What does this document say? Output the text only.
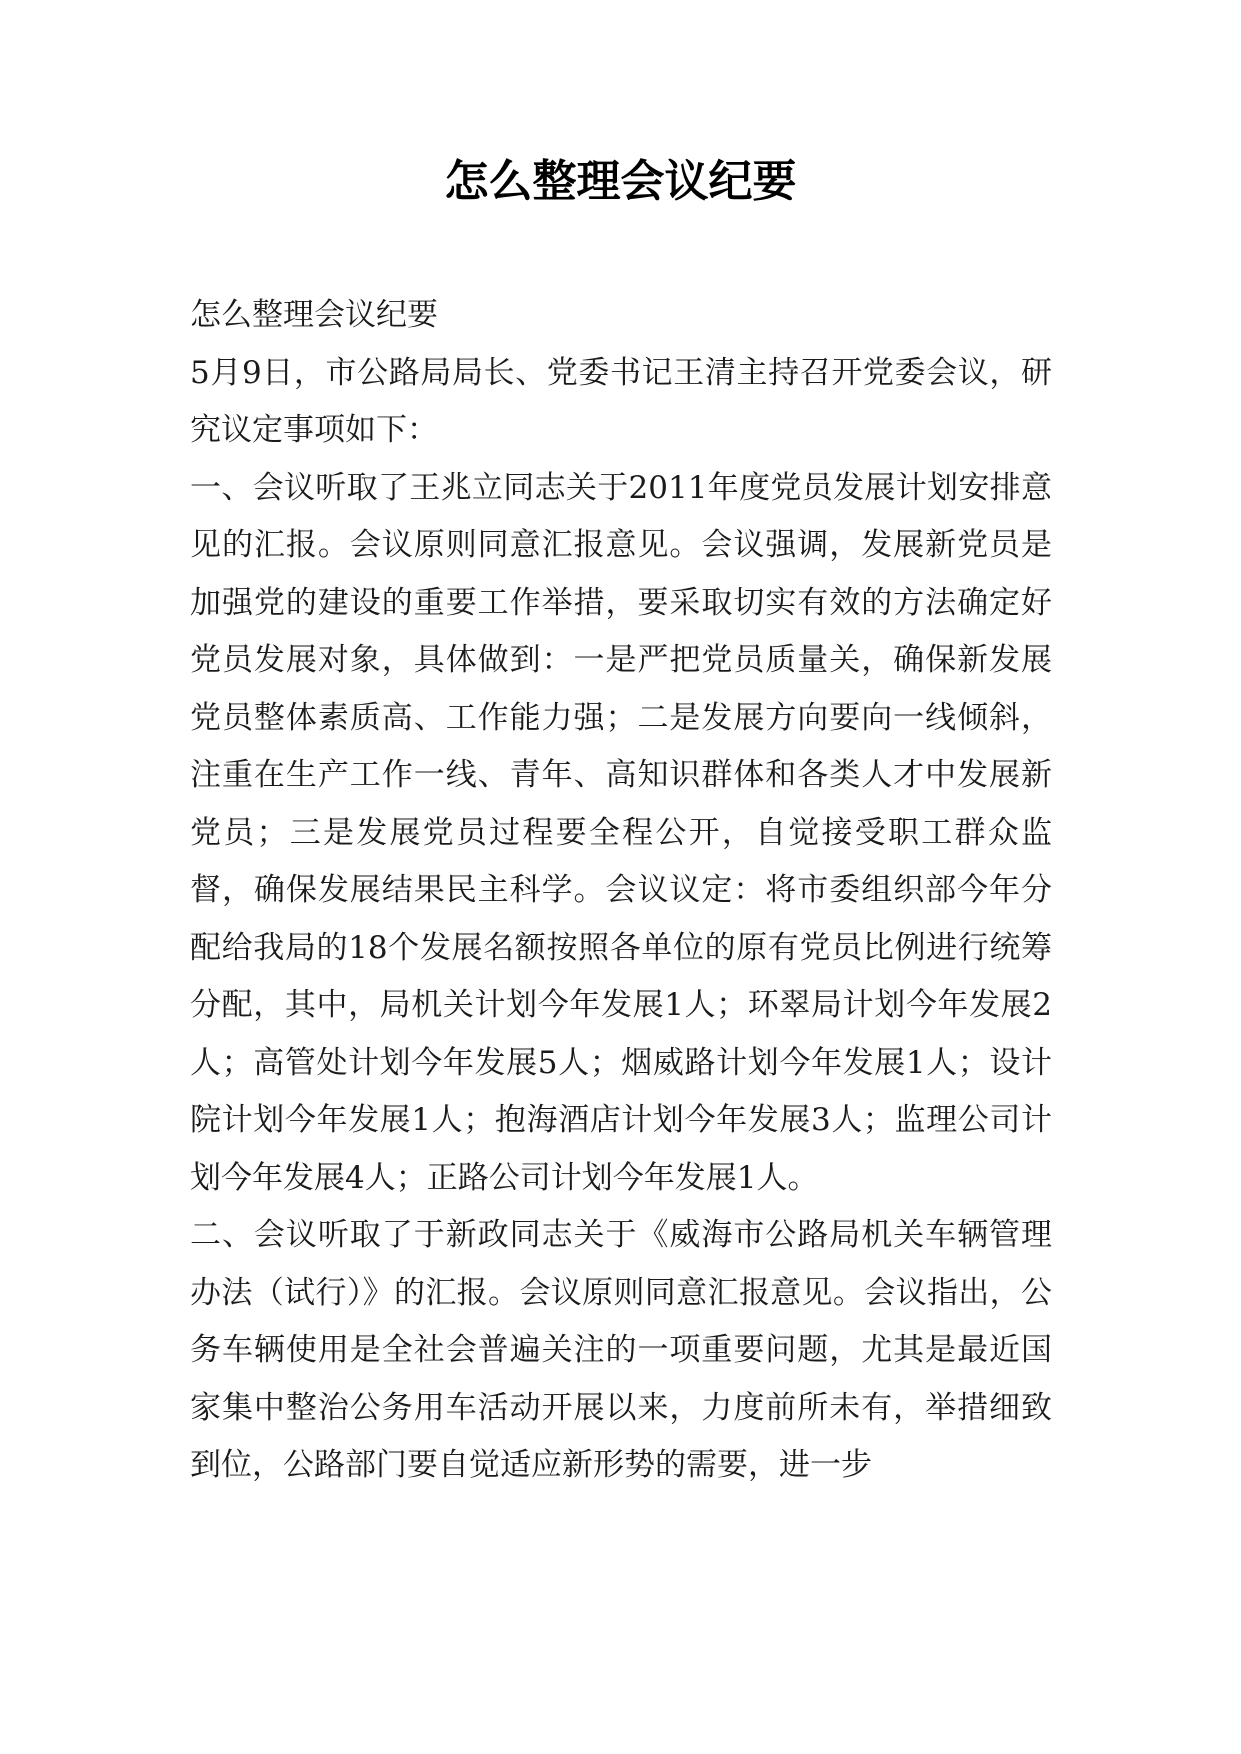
怎么整理会议纪要

怎么整理会议纪要

5月9日，市公路局局长、党委书记王清主持召开党委会议，研究议定事项如下：

一、会议听取了王兆立同志关于2011年度党员发展计划安排意见的汇报。会议原则同意汇报意见。会议强调，发展新党员是加强党的建设的重要工作举措，要采取切实有效的方法确定好党员发展对象，具体做到：一是严把党员质量关，确保新发展党员整体素质高、工作能力强；二是发展方向要向一线倾斜，注重在生产工作一线、青年、高知识群体和各类人才中发展新党员；三是发展党员过程要全程公开，自觉接受职工群众监督，确保发展结果民主科学。会议议定：将市委组织部今年分配给我局的18个发展名额按照各单位的原有党员比例进行统筹分配，其中，局机关计划今年发展1人；环翠局计划今年发展2人；高管处计划今年发展5人；烟威路计划今年发展1人；设计院计划今年发展1人；抱海酒店计划今年发展3人；监理公司计划今年发展4人；正路公司计划今年发展1人。

二、会议听取了于新政同志关于《威海市公路局机关车辆管理办法（试行）》的汇报。会议原则同意汇报意见。会议指出，公务车辆使用是全社会普遍关注的一项重要问题，尤其是最近国家集中整治公务用车活动开展以来，力度前所未有，举措细致到位，公路部门要自觉适应新形势的需要，进一步
